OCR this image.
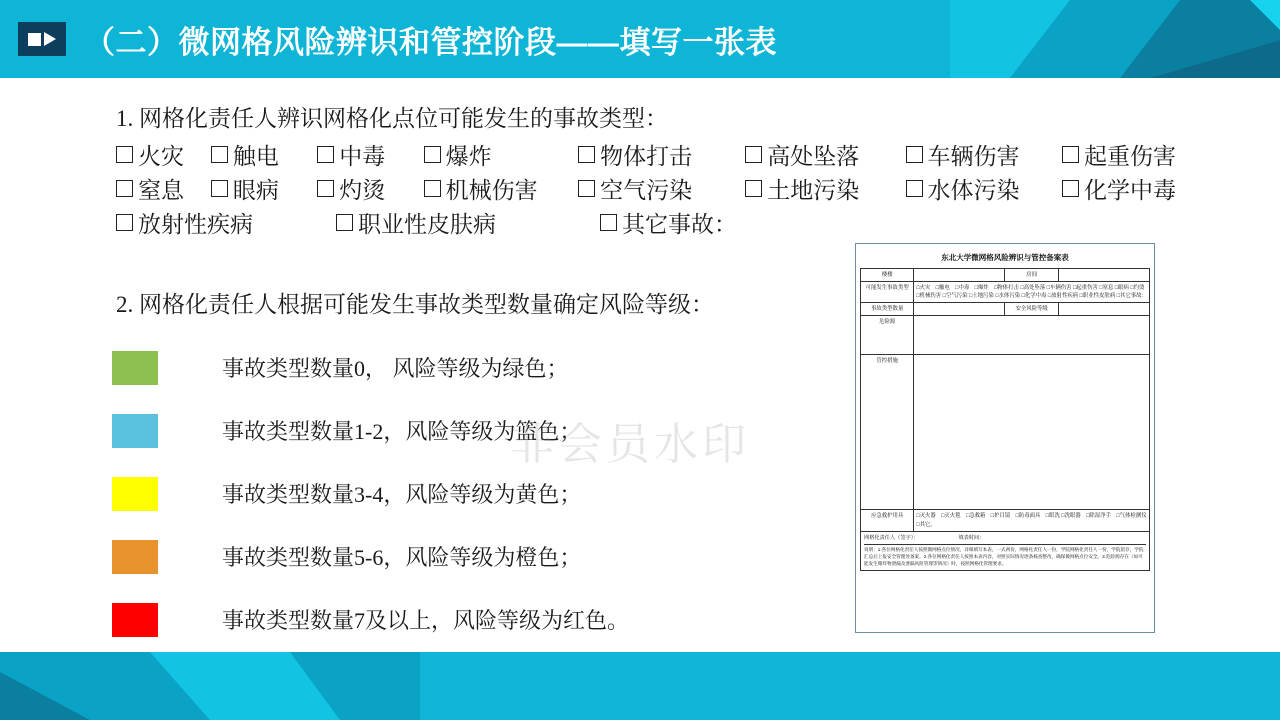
（二）微网格风险辨识和管控阶段——填写一张表
1. 网格化责任人辨识网格化点位可能发生的事故类型：
火灾	触电	中毒	爆炸	物体打击	高处坠落	车辆伤害	起重伤害
窒息	眼病	灼烫	机械伤害	空气污染	土地污染	水体污染	化学中毒
放射性疾病	职业性皮肤病	其它事故：
2. 网格化责任人根据可能发生事故类型数量确定风险等级：
事故类型数量0， 风险等级为绿色；
事故类型数量1-2，风险等级为篮色；
事故类型数量3-4，风险等级为黄色；
事故类型数量5-6，风险等级为橙色；
事故类型数量7及以上，风险等级为红色。
非会员水印
东北大学微网格风险辨识与管控备案表
楼楼		房间	
可能发生事故类型	□火灾　□触电　□中毒　□爆炸　□物体打击 □高处坠落 □车辆伤害 □起重伤害 □窒息 □眼病 □灼烫 □机械伤害 □空气污染 □土地污染 □水体污染 □化学中毒 □放射性疾病 □职业性皮肤病 □其它事故：		
事故类型数量		安全风险等级	
危险源			
管控措施			
应急救护用具	□灭火器　□灭火毯　□急救箱　□护目镜　□防毒面具　□眼洗 □洗眼器　□除湿净手　□气体检测仪　□其它。		
网格化责任人（签字）：	填表时间：
说明：1.各位网格化责任人按照微网格点位情况，详细填写本表，一式两份，网格化责任人一份，学院网格化责任人一份，学院留存，学院汇总后上报安全管理处备案。2.各位网格化责任人按照本表内容，对照实际情况逐条核查整改，确保微网格点位安全。3.危险源存在（如可能发生爆炸物泄漏及泄漏风险管理等情况）时，按照网格化管理要求。
